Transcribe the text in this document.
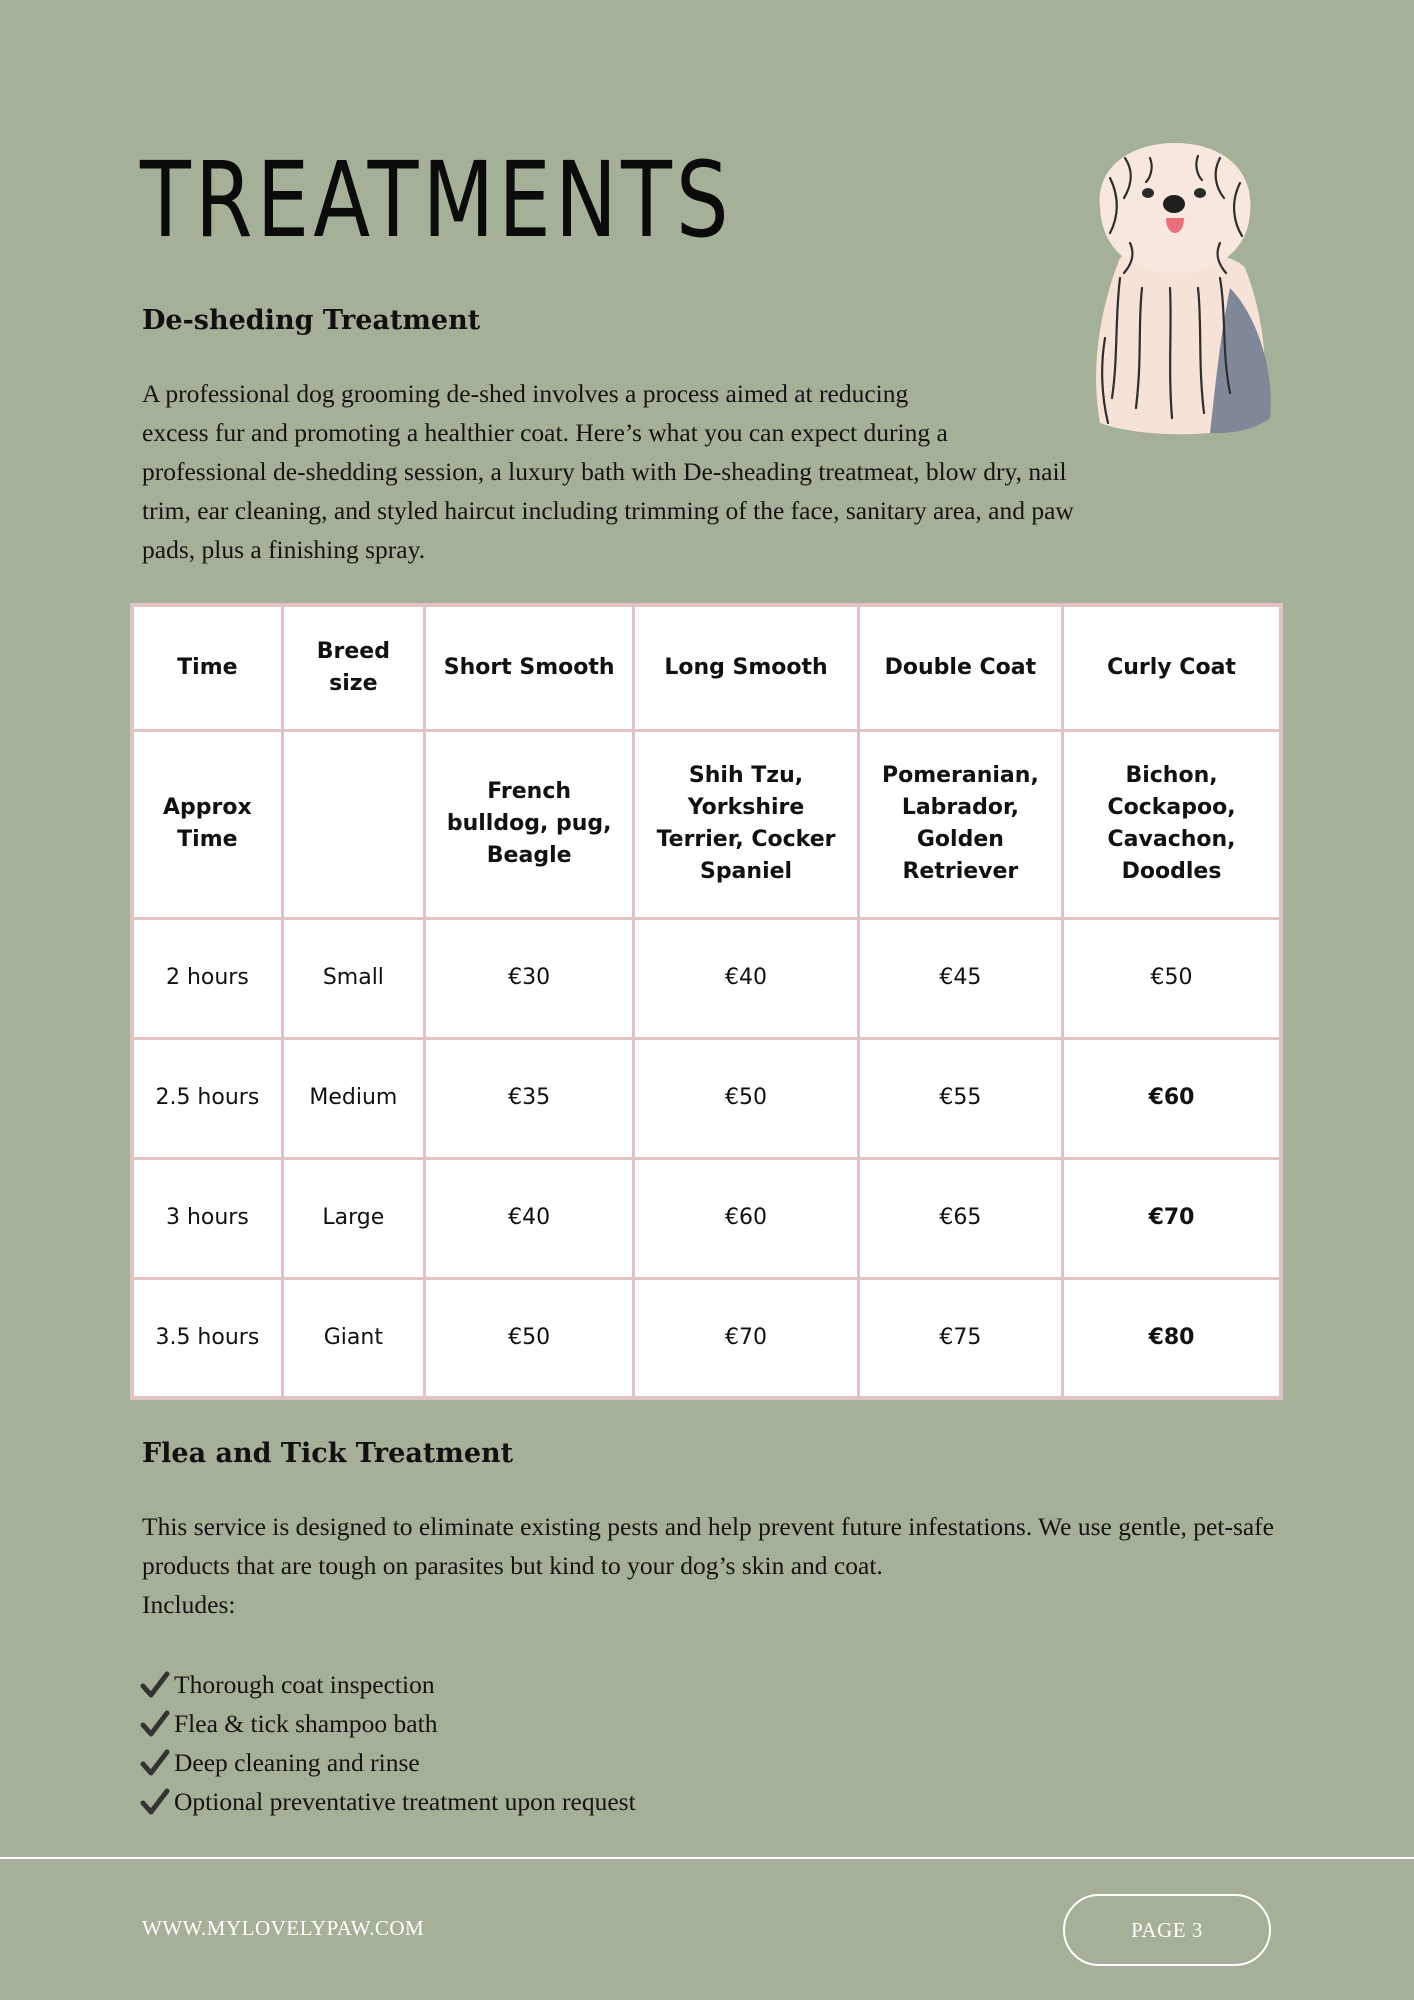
TREATMENTS
De-sheding Treatment

A professional dog grooming de-shed involves a process aimed at reducing
excess fur and promoting a healthier coat. Here’s what you can expect during a
professional de-shedding session, a luxury bath with De-sheading treatmeat, blow dry, nail
trim, ear cleaning, and styled haircut including trimming of the face, sanitary area, and paw
pads, plus a finishing spray.

Time	Breed size	Short Smooth	Long Smooth	Double Coat	Curly Coat
Approx Time		French bulldog, pug, Beagle	Shih Tzu, Yorkshire Terrier, Cocker Spaniel	Pomeranian, Labrador, Golden Retriever	Bichon, Cockapoo, Cavachon, Doodles
2 hours	Small	€30	€40	€45	€50
2.5 hours	Medium	€35	€50	€55	€60
3 hours	Large	€40	€60	€65	€70
3.5 hours	Giant	€50	€70	€75	€80
Flea and Tick Treatment
This service is designed to eliminate existing pests and help prevent future infestations. We use gentle, pet-safe products that are tough on parasites but kind to your dog’s skin and coat.
Includes:
Thorough coat inspection
Flea & tick shampoo bath
Deep cleaning and rinse
Optional preventative treatment upon request
WWW.MYLOVELYPAW.COM	PAGE 3
